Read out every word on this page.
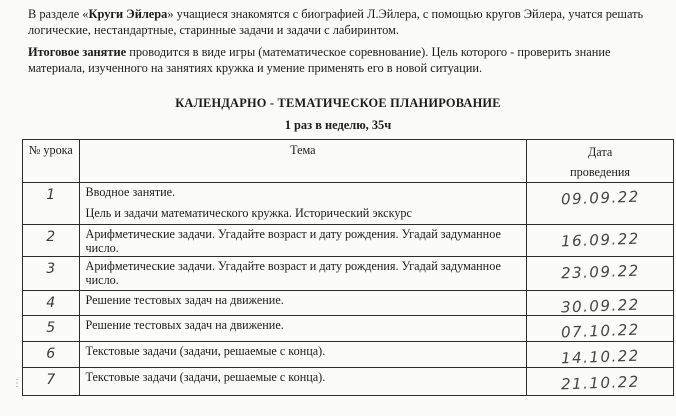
В разделе «Круги Эйлера» учащиеся знакомятся с биографией Л.Эйлера, с помощью кругов Эйлера, учатся решать логические, нестандартные, старинные задачи и задачи с лабиринтом.
Итоговое занятие проводится в виде игры (математическое соревнование). Цель которого - проверить знание материала, изученного на занятиях кружка и умение применять его в новой ситуации.
КАЛЕНДАРНО - ТЕМАТИЧЕСКОЕ ПЛАНИРОВАНИЕ
1 раз в неделю, 35ч
№ урока	Тема	Дата
проведения

1	Вводное занятие.
Цель и задачи математического кружка. Исторический экскурс	09.09.22
2	Арифметические задачи. Угадайте возраст и дату рождения. Угадай задуманное число.	16.09.22
3	Арифметические задачи. Угадайте возраст и дату рождения. Угадай задуманное число.	23.09.22
4	Решение тестовых задач на движение.	30.09.22
5	Решение тестовых задач на движение.	07.10.22
6	Текстовые задачи (задачи, решаемые с конца).	14.10.22
7	Текстовые задачи (задачи, решаемые с конца).	21.10.22
⋮
